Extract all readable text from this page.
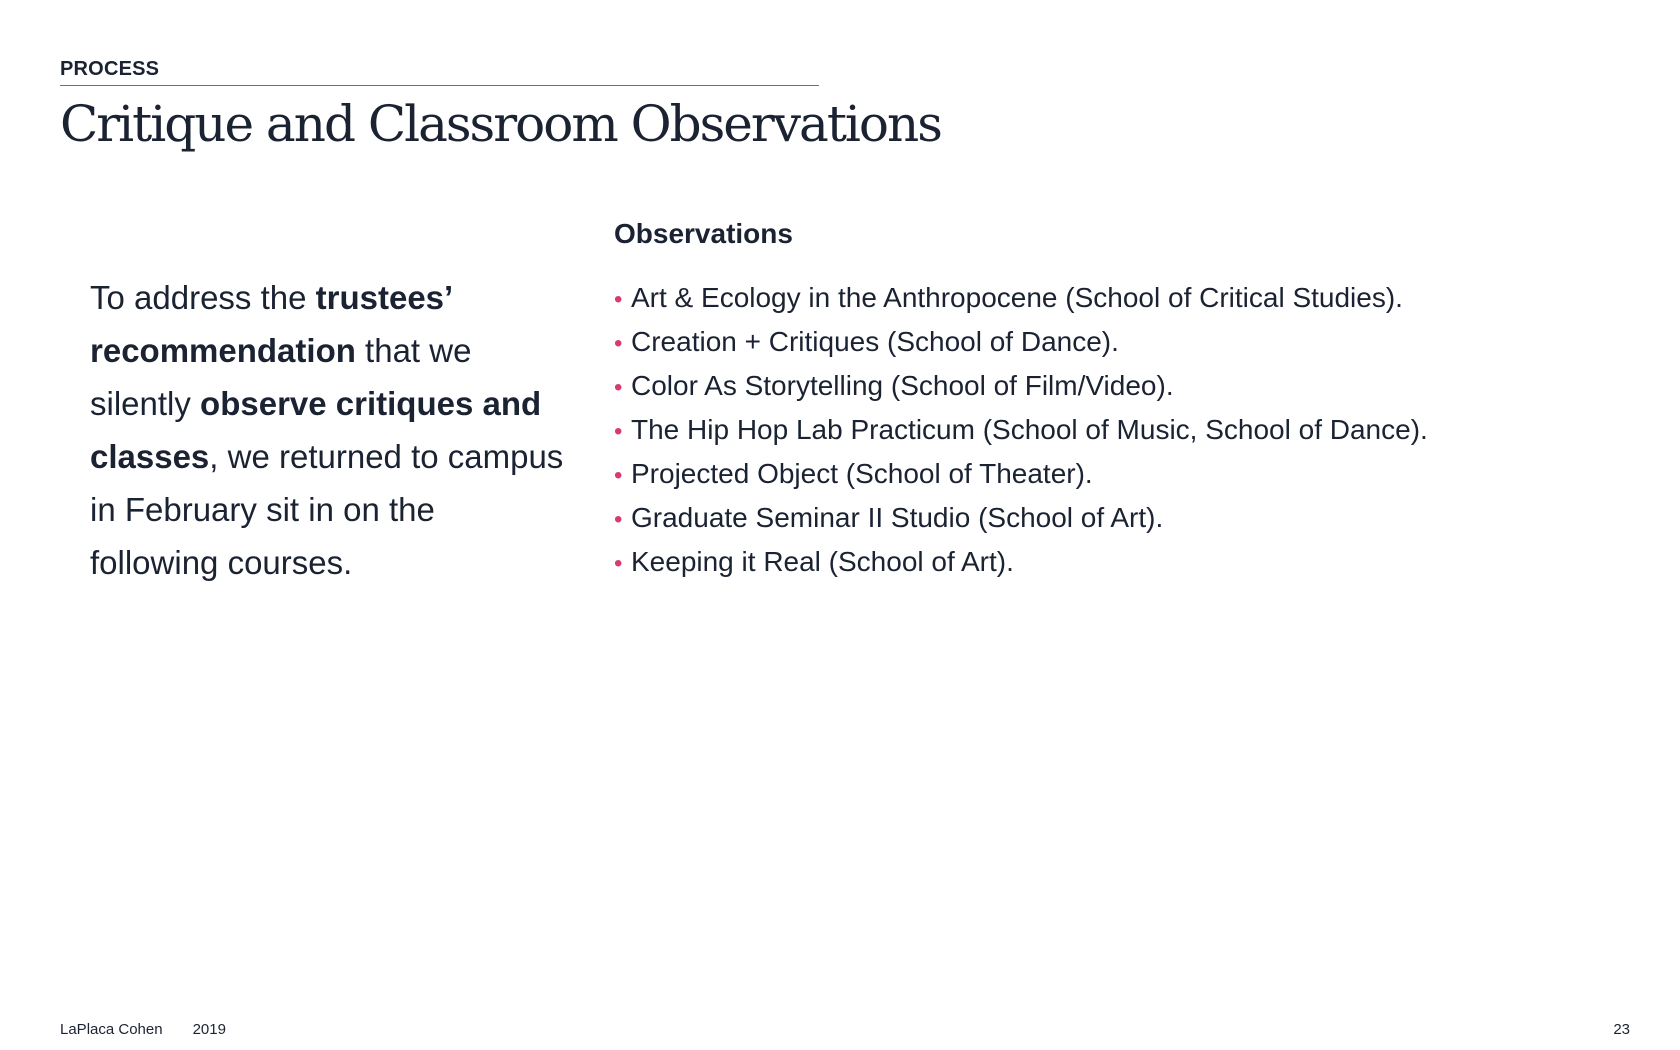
PROCESS
Critique and Classroom Observations

To address the trustees’ recommendation that we silently observe critiques and classes, we returned to campus in February sit in on the following courses.

Observations
• Art & Ecology in the Anthropocene (School of Critical Studies).
• Creation + Critiques (School of Dance).
• Color As Storytelling (School of Film/Video).
• The Hip Hop Lab Practicum (School of Music, School of Dance).
• Projected Object (School of Theater).
• Graduate Seminar II Studio (School of Art).
• Keeping it Real (School of Art).
LaPlaca Cohen 2019	23
